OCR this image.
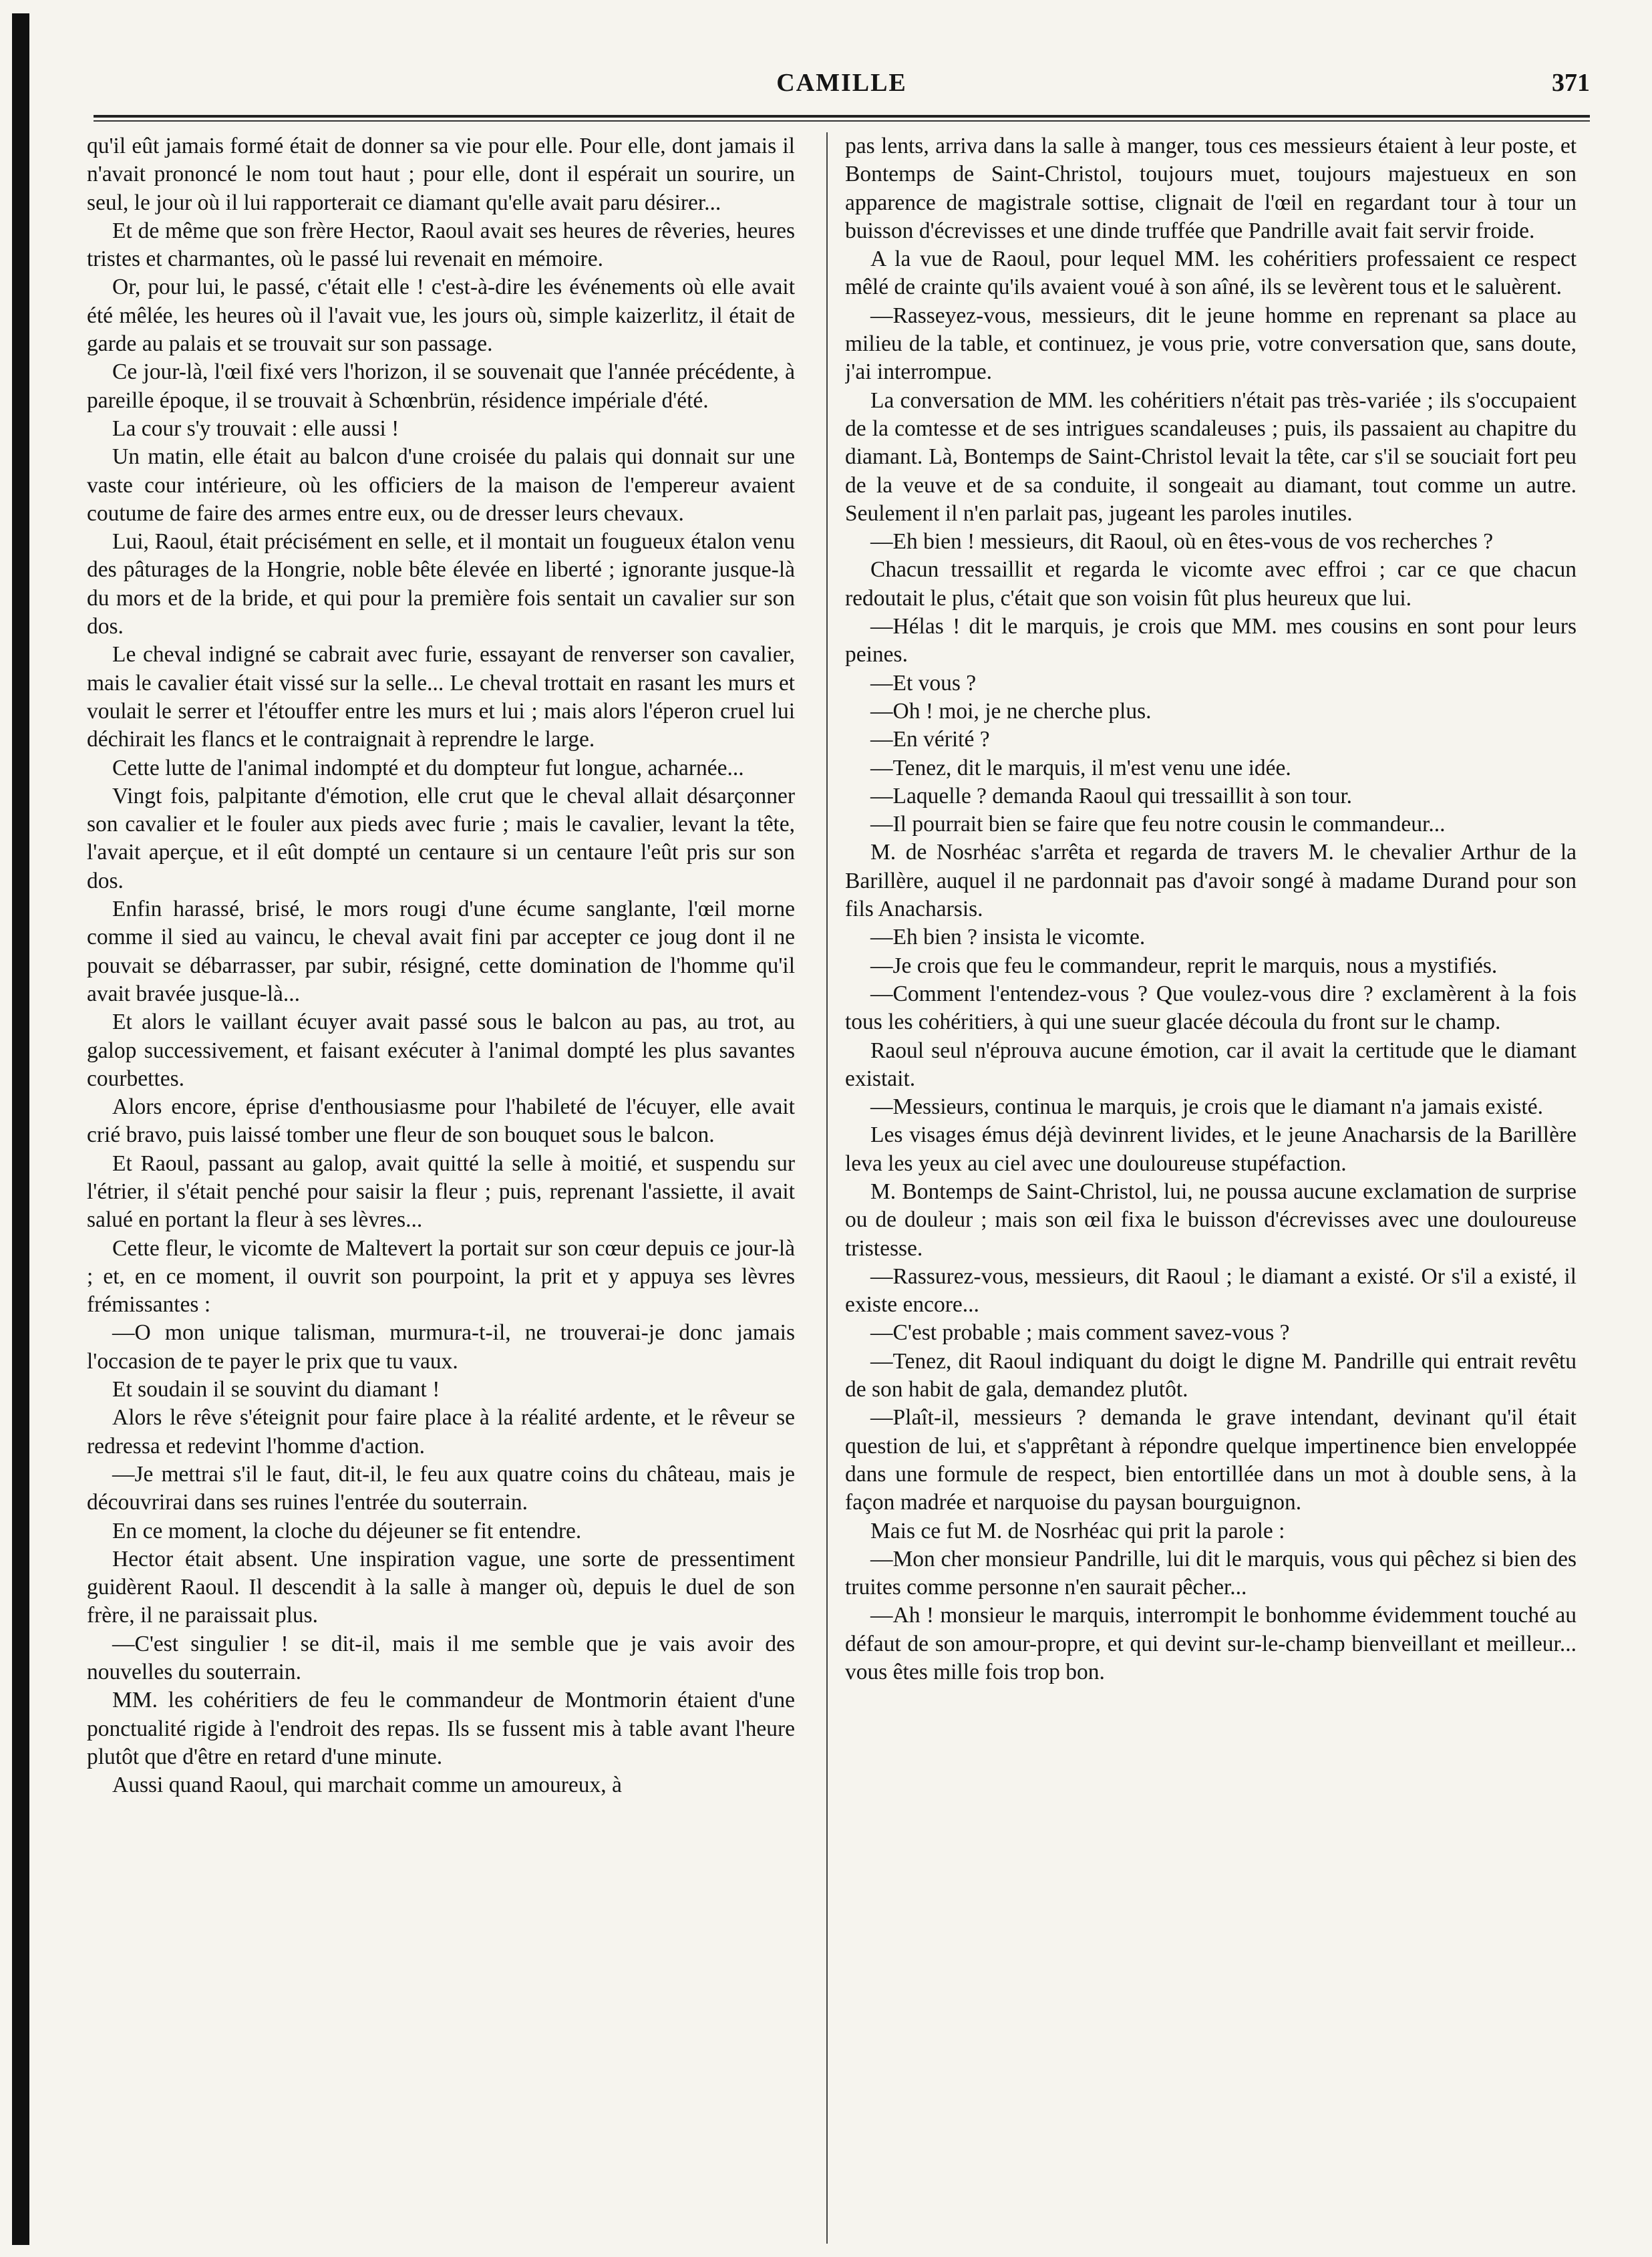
CAMILLE	371

qu'il eût jamais formé était de donner sa vie pour elle. Pour elle, dont jamais il n'avait prononcé le nom tout haut ; pour elle, dont il espérait un sourire, un seul, le jour où il lui rapporterait ce diamant qu'elle avait paru désirer...

Et de même que son frère Hector, Raoul avait ses heures de rêveries, heures tristes et charmantes, où le passé lui revenait en mémoire.

Or, pour lui, le passé, c'était elle ! c'est-à-dire les événements où elle avait été mêlée, les heures où il l'avait vue, les jours où, simple kaizerlitz, il était de garde au palais et se trouvait sur son passage.

Ce jour-là, l'œil fixé vers l'horizon, il se souvenait que l'année précédente, à pareille époque, il se trouvait à Schœnbrün, résidence impériale d'été.

La cour s'y trouvait : elle aussi !

Un matin, elle était au balcon d'une croisée du palais qui donnait sur une vaste cour intérieure, où les officiers de la maison de l'empereur avaient coutume de faire des armes entre eux, ou de dresser leurs chevaux.

Lui, Raoul, était précisément en selle, et il montait un fougueux étalon venu des pâturages de la Hongrie, noble bête élevée en liberté ; ignorante jusque-là du mors et de la bride, et qui pour la première fois sentait un cavalier sur son dos.

Le cheval indigné se cabrait avec furie, essayant de renverser son cavalier, mais le cavalier était vissé sur la selle... Le cheval trottait en rasant les murs et voulait le serrer et l'étouffer entre les murs et lui ; mais alors l'éperon cruel lui déchirait les flancs et le contraignait à reprendre le large.

Cette lutte de l'animal indompté et du dompteur fut longue, acharnée...

Vingt fois, palpitante d'émotion, elle crut que le cheval allait désarçonner son cavalier et le fouler aux pieds avec furie ; mais le cavalier, levant la tête, l'avait aperçue, et il eût dompté un centaure si un centaure l'eût pris sur son dos.

Enfin harassé, brisé, le mors rougi d'une écume sanglante, l'œil morne comme il sied au vaincu, le cheval avait fini par accepter ce joug dont il ne pouvait se débarrasser, par subir, résigné, cette domination de l'homme qu'il avait bravée jusque-là...

Et alors le vaillant écuyer avait passé sous le balcon au pas, au trot, au galop successivement, et faisant exécuter à l'animal dompté les plus savantes courbettes.

Alors encore, éprise d'enthousiasme pour l'habileté de l'écuyer, elle avait crié bravo, puis laissé tomber une fleur de son bouquet sous le balcon.

Et Raoul, passant au galop, avait quitté la selle à moitié, et suspendu sur l'étrier, il s'était penché pour saisir la fleur ; puis, reprenant l'assiette, il avait salué en portant la fleur à ses lèvres...

Cette fleur, le vicomte de Maltevert la portait sur son cœur depuis ce jour-là ; et, en ce moment, il ouvrit son pourpoint, la prit et y appuya ses lèvres frémissantes :

—O mon unique talisman, murmura-t-il, ne trouverai-je donc jamais l'occasion de te payer le prix que tu vaux.

Et soudain il se souvint du diamant !

Alors le rêve s'éteignit pour faire place à la réalité ardente, et le rêveur se redressa et redevint l'homme d'action.

—Je mettrai s'il le faut, dit-il, le feu aux quatre coins du château, mais je découvrirai dans ses ruines l'entrée du souterrain.

En ce moment, la cloche du déjeuner se fit entendre.

Hector était absent. Une inspiration vague, une sorte de pressentiment guidèrent Raoul. Il descendit à la salle à manger où, depuis le duel de son frère, il ne paraissait plus.

—C'est singulier ! se dit-il, mais il me semble que je vais avoir des nouvelles du souterrain.

MM. les cohéritiers de feu le commandeur de Montmorin étaient d'une ponctualité rigide à l'endroit des repas. Ils se fussent mis à table avant l'heure plutôt que d'être en retard d'une minute.

Aussi quand Raoul, qui marchait comme un amoureux, à

pas lents, arriva dans la salle à manger, tous ces messieurs étaient à leur poste, et Bontemps de Saint-Christol, toujours muet, toujours majestueux en son apparence de magistrale sottise, clignait de l'œil en regardant tour à tour un buisson d'écrevisses et une dinde truffée que Pandrille avait fait servir froide.

A la vue de Raoul, pour lequel MM. les cohéritiers professaient ce respect mêlé de crainte qu'ils avaient voué à son aîné, ils se levèrent tous et le saluèrent.

—Rasseyez-vous, messieurs, dit le jeune homme en reprenant sa place au milieu de la table, et continuez, je vous prie, votre conversation que, sans doute, j'ai interrompue.

La conversation de MM. les cohéritiers n'était pas très-variée ; ils s'occupaient de la comtesse et de ses intrigues scandaleuses ; puis, ils passaient au chapitre du diamant. Là, Bontemps de Saint-Christol levait la tête, car s'il se souciait fort peu de la veuve et de sa conduite, il songeait au diamant, tout comme un autre. Seulement il n'en parlait pas, jugeant les paroles inutiles.

—Eh bien ! messieurs, dit Raoul, où en êtes-vous de vos recherches ?

Chacun tressaillit et regarda le vicomte avec effroi ; car ce que chacun redoutait le plus, c'était que son voisin fût plus heureux que lui.

—Hélas ! dit le marquis, je crois que MM. mes cousins en sont pour leurs peines.

—Et vous ?

—Oh ! moi, je ne cherche plus.

—En vérité ?

—Tenez, dit le marquis, il m'est venu une idée.

—Laquelle ? demanda Raoul qui tressaillit à son tour.

—Il pourrait bien se faire que feu notre cousin le commandeur...

M. de Nosrhéac s'arrêta et regarda de travers M. le chevalier Arthur de la Barillère, auquel il ne pardonnait pas d'avoir songé à madame Durand pour son fils Anacharsis.

—Eh bien ? insista le vicomte.

—Je crois que feu le commandeur, reprit le marquis, nous a mystifiés.

—Comment l'entendez-vous ? Que voulez-vous dire ? exclamèrent à la fois tous les cohéritiers, à qui une sueur glacée découla du front sur le champ.

Raoul seul n'éprouva aucune émotion, car il avait la certitude que le diamant existait.

—Messieurs, continua le marquis, je crois que le diamant n'a jamais existé.

Les visages émus déjà devinrent livides, et le jeune Anacharsis de la Barillère leva les yeux au ciel avec une douloureuse stupéfaction.

M. Bontemps de Saint-Christol, lui, ne poussa aucune exclamation de surprise ou de douleur ; mais son œil fixa le buisson d'écrevisses avec une douloureuse tristesse.

—Rassurez-vous, messieurs, dit Raoul ; le diamant a existé. Or s'il a existé, il existe encore...

—C'est probable ; mais comment savez-vous ?

—Tenez, dit Raoul indiquant du doigt le digne M. Pandrille qui entrait revêtu de son habit de gala, demandez plutôt.

—Plaît-il, messieurs ? demanda le grave intendant, devinant qu'il était question de lui, et s'apprêtant à répondre quelque impertinence bien enveloppée dans une formule de respect, bien entortillée dans un mot à double sens, à la façon madrée et narquoise du paysan bourguignon.

Mais ce fut M. de Nosrhéac qui prit la parole :

—Mon cher monsieur Pandrille, lui dit le marquis, vous qui pêchez si bien des truites comme personne n'en saurait pêcher...

—Ah ! monsieur le marquis, interrompit le bonhomme évidemment touché au défaut de son amour-propre, et qui devint sur-le-champ bienveillant et meilleur... vous êtes mille fois trop bon.
